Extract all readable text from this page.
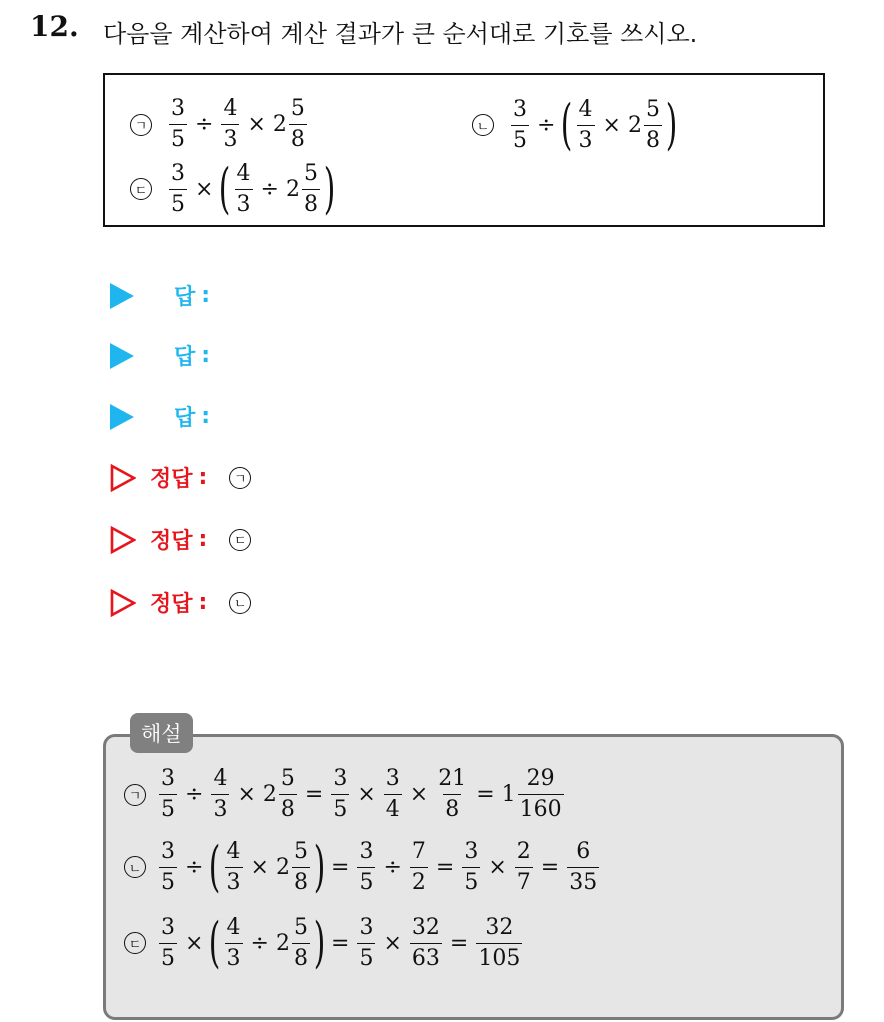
12. 다음을 계산하여 계산 결과가 큰 순서대로 기호를 쓰시오.
ㄱ $\frac{3}{5} \div \frac{4}{3} \times 2 \frac{5}{8}$	ㄴ $\frac{3}{5}$ ÷ ( $\frac{4}{3} \times 2 \frac{5}{8}$ )
ㄷ $\frac{3}{5}$ × ( $\frac{4}{3} \div 2 \frac{5}{8}$ )
답 :
답 :
답 :
정답 :	ㄱ
정답 :	ㄷ
정답 :	ㄴ
해설
ㄱ $\frac{3}{5} \div \frac{4}{3} \times 2 \frac{5}{8} = \frac{3}{5} \times \frac{3}{4} \times \frac{21}{8} = 1 \frac{29}{160}$
ㄴ $\frac{3}{5}$ ÷ ( $\frac{4}{3} \times 2 \frac{5}{8}$ ) = $\frac{3}{5} \div \frac{7}{2} = \frac{3}{5} \times \frac{2}{7} = \frac{6}{35}$
ㄷ $\frac{3}{5}$ × ( $\frac{4}{3} \div 2 \frac{5}{8}$ ) = $\frac{3}{5} \times \frac{32}{63} = \frac{32}{105}$
